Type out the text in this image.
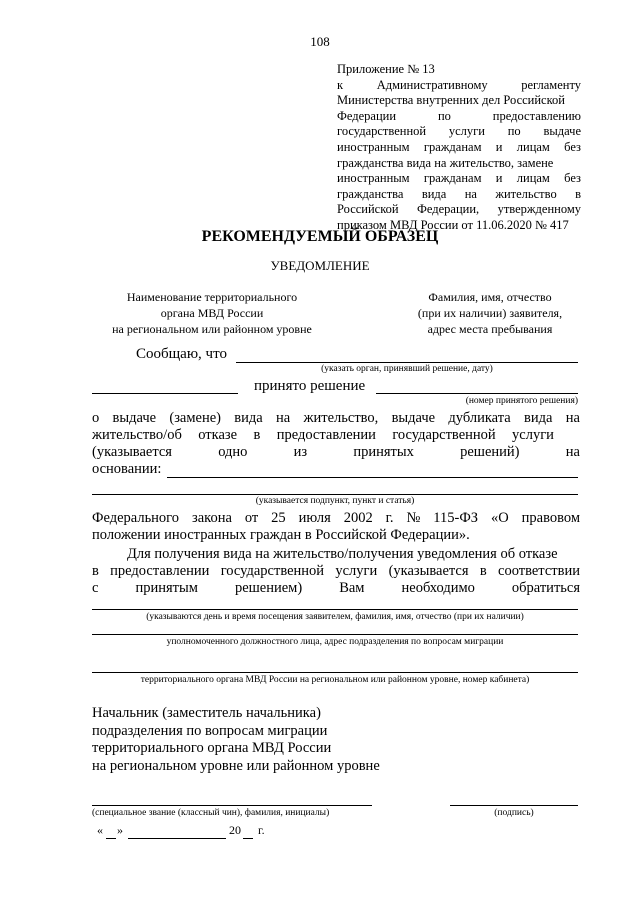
108
Приложение № 13
к	Административному	регламенту
Министерства внутренних дел Российской
Федерации	по	предоставлению
государственной услуги по выдаче
иностранным гражданам и лицам без
гражданства вида на жительство, замене
иностранным гражданам и лицам без
гражданства вида на жительство в
Российской Федерации, утвержденному
приказом МВД России от 11.06.2020 № 417
РЕКОМЕНДУЕМЫЙ ОБРАЗЕЦ
УВЕДОМЛЕНИЕ
Наименование территориального
органа МВД России
на региональном или районном уровне
Фамилия, имя, отчество
(при их наличии) заявителя,
адрес места пребывания
Сообщаю, что
(указать орган, принявший решение, дату)
принято решение
(номер принятого решения)
о выдаче (замене) вида на жительство, выдаче дубликата вида на
жительство/об отказе в предоставлении государственной услуги
(указывается	одно	из	принятых	решений)	на
основании:
(указывается подпункт, пункт и статья)
Федерального закона от 25 июля 2002 г. № 115-ФЗ «О правовом
положении иностранных граждан в Российской Федерации».
Для получения вида на жительство/получения уведомления об отказе
в предоставлении государственной услуги (указывается в соответствии
с	принятым	решением)	Вам	необходимо	обратиться
(указываются день и время посещения заявителем, фамилия, имя, отчество (при их наличии)
уполномоченного должностного лица, адрес подразделения по вопросам миграции
территориального органа МВД России на региональном или районном уровне, номер кабинета)
Начальник (заместитель начальника)
подразделения по вопросам миграции
территориального органа МВД России
на региональном уровне или районном уровне
(специальное звание (классный чин), фамилия, инициалы)	(подпись)
« »	20 г.
